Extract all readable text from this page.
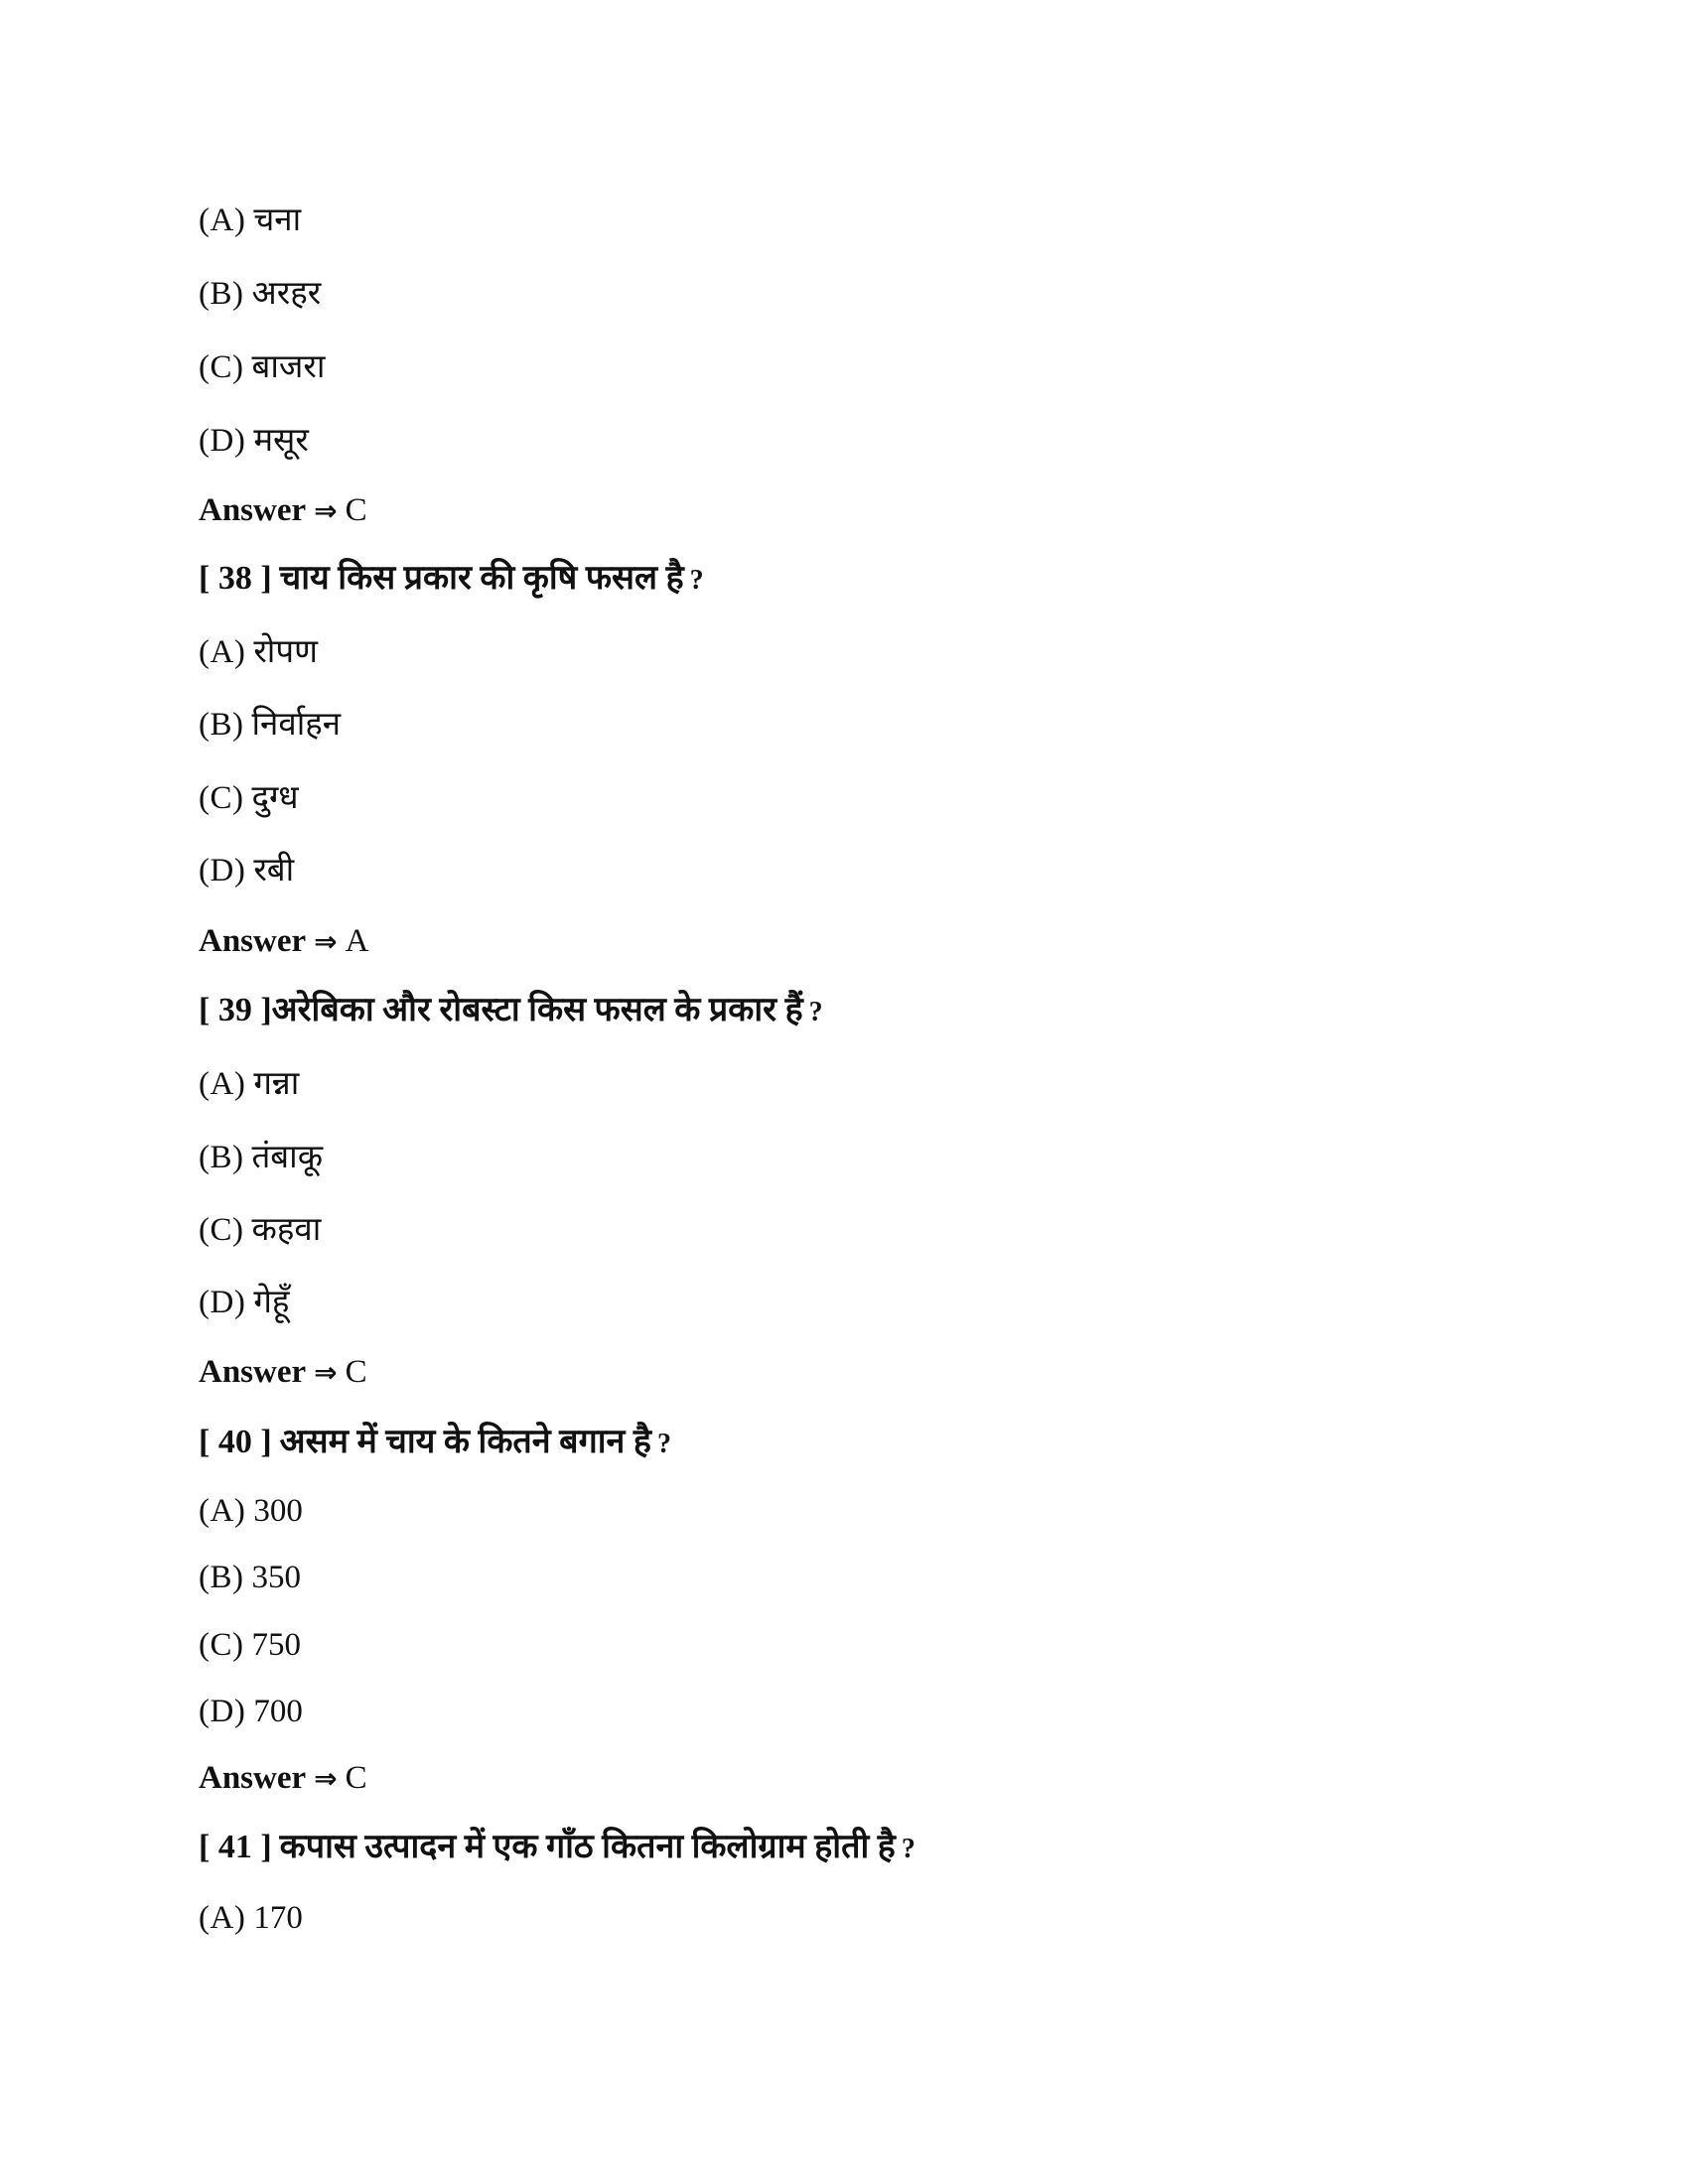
(A) चना
(B) अरहर
(C) बाजरा
(D) मसूर
Answer ⇒ C
[ 38 ] चाय किस प्रकार की कृषि फसल है ?
(A) रोपण
(B) निर्वाहन
(C) दुग्ध
(D) रबी
Answer ⇒ A
[ 39 ]अरेबिका और रोबस्टा किस फसल के प्रकार हैं ?
(A) गन्ना
(B) तंबाकू
(C) कहवा
(D) गेहूँ
Answer ⇒ C
[ 40 ] असम में चाय के कितने बगान है ?
(A) 300
(B) 350
(C) 750
(D) 700
Answer ⇒ C
[ 41 ] कपास उत्पादन में एक गाँठ कितना किलोग्राम होती है ?
(A) 170
